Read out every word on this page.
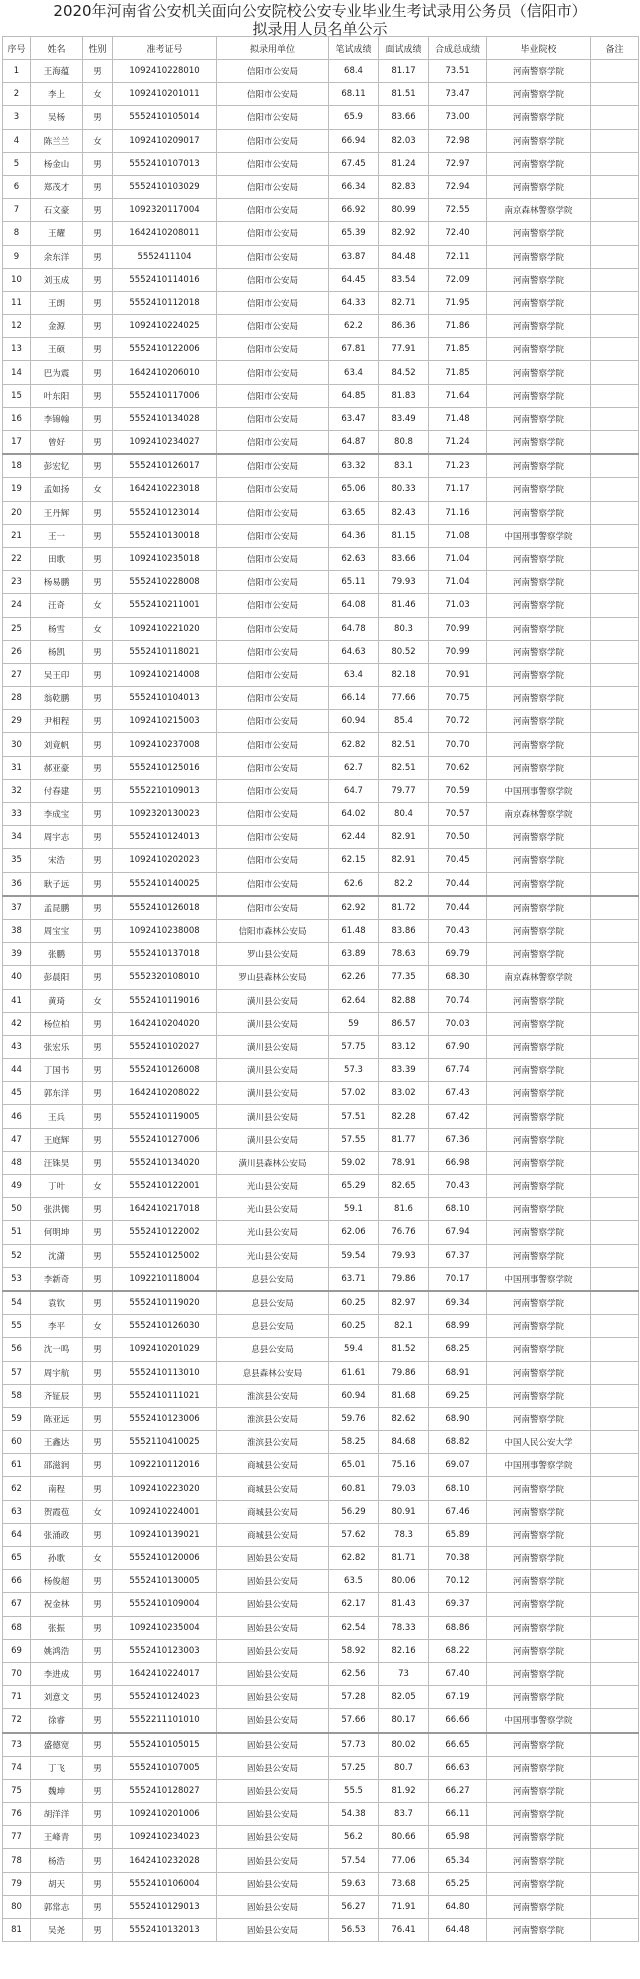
2020年河南省公安机关面向公安院校公安专业毕业生考试录用公务员（信阳市）
拟录用人员名单公示
序号	姓名	性别	准考证号	拟录用单位	笔试成绩	面试成绩	合成总成绩	毕业院校	备注
1	王海蕴	男	1092410228010	信阳市公安局	68.4	81.17	73.51	河南警察学院	
2	李上	女	1092410201011	信阳市公安局	68.11	81.51	73.47	河南警察学院	
3	吴杨	男	5552410105014	信阳市公安局	65.9	83.66	73.00	河南警察学院	
4	陈兰兰	女	1092410209017	信阳市公安局	66.94	82.03	72.98	河南警察学院	
5	杨金山	男	5552410107013	信阳市公安局	67.45	81.24	72.97	河南警察学院	
6	郑茂才	男	5552410103029	信阳市公安局	66.34	82.83	72.94	河南警察学院	
7	石文豪	男	1092320117004	信阳市公安局	66.92	80.99	72.55	南京森林警察学院	
8	王耀	男	1642410208011	信阳市公安局	65.39	82.92	72.40	河南警察学院	
9	余东洋	男	5552411104	信阳市公安局	63.87	84.48	72.11	河南警察学院	
10	刘玉成	男	5552410114016	信阳市公安局	64.45	83.54	72.09	河南警察学院	
11	王朗	男	5552410112018	信阳市公安局	64.33	82.71	71.95	河南警察学院	
12	金源	男	1092410224025	信阳市公安局	62.2	86.36	71.86	河南警察学院	
13	王硕	男	5552410122006	信阳市公安局	67.81	77.91	71.85	河南警察学院	
14	巴为震	男	1642410206010	信阳市公安局	63.4	84.52	71.85	河南警察学院	
15	叶东阳	男	5552410117006	信阳市公安局	64.85	81.83	71.64	河南警察学院	
16	李锦翰	男	5552410134028	信阳市公安局	63.47	83.49	71.48	河南警察学院	
17	曾好	男	1092410234027	信阳市公安局	64.87	80.8	71.24	河南警察学院	
18	彭宏钇	男	5552410126017	信阳市公安局	63.32	83.1	71.23	河南警察学院	
19	孟如扬	女	1642410223018	信阳市公安局	65.06	80.33	71.17	河南警察学院	
20	王丹辉	男	5552410123014	信阳市公安局	63.65	82.43	71.16	河南警察学院	
21	王一	男	5552410130018	信阳市公安局	64.36	81.15	71.08	中国刑事警察学院	
22	田歌	男	1092410235018	信阳市公安局	62.63	83.66	71.04	河南警察学院	
23	杨易鹏	男	5552410228008	信阳市公安局	65.11	79.93	71.04	河南警察学院	
24	汪奇	女	5552410211001	信阳市公安局	64.08	81.46	71.03	河南警察学院	
25	杨雪	女	1092410221020	信阳市公安局	64.78	80.3	70.99	河南警察学院	
26	杨凯	男	5552410118021	信阳市公安局	64.63	80.52	70.99	河南警察学院	
27	吴王印	男	1092410214008	信阳市公安局	63.4	82.18	70.91	河南警察学院	
28	翁乾鹏	男	5552410104013	信阳市公安局	66.14	77.66	70.75	河南警察学院	
29	尹相程	男	1092410215003	信阳市公安局	60.94	85.4	70.72	河南警察学院	
30	刘竟帆	男	1092410237008	信阳市公安局	62.82	82.51	70.70	河南警察学院	
31	郝亚豪	男	5552410125016	信阳市公安局	62.7	82.51	70.62	河南警察学院	
32	付春建	男	5552210109013	信阳市公安局	64.7	79.77	70.59	中国刑事警察学院	
33	李成宝	男	1092320130023	信阳市公安局	64.02	80.4	70.57	南京森林警察学院	
34	周宇志	男	5552410124013	信阳市公安局	62.44	82.91	70.50	河南警察学院	
35	宋浩	男	1092410202023	信阳市公安局	62.15	82.91	70.45	河南警察学院	
36	耿子远	男	5552410140025	信阳市公安局	62.6	82.2	70.44	河南警察学院	
37	孟昆鹏	男	5552410126018	信阳市公安局	62.92	81.72	70.44	河南警察学院	
38	周宝宝	男	1092410238008	信阳市森林公安局	61.48	83.86	70.43	河南警察学院	
39	张鹏	男	5552410137018	罗山县公安局	63.89	78.63	69.79	河南警察学院	
40	彭晨阳	男	5552320108010	罗山县森林公安局	62.26	77.35	68.30	南京森林警察学院	
41	黄琦	女	5552410119016	潢川县公安局	62.64	82.88	70.74	河南警察学院	
42	杨位柏	男	1642410204020	潢川县公安局	59	86.57	70.03	河南警察学院	
43	张宏乐	男	5552410102027	潢川县公安局	57.75	83.12	67.90	河南警察学院	
44	丁国书	男	5552410126008	潢川县公安局	57.3	83.39	67.74	河南警察学院	
45	郭东洋	男	1642410208022	潢川县公安局	57.02	83.02	67.43	河南警察学院	
46	王兵	男	5552410119005	潢川县公安局	57.51	82.28	67.42	河南警察学院	
47	王庭辉	男	5552410127006	潢川县公安局	57.55	81.77	67.36	河南警察学院	
48	汪铢昊	男	5552410134020	潢川县森林公安局	59.02	78.91	66.98	河南警察学院	
49	丁叶	女	5552410122001	光山县公安局	65.29	82.65	70.43	河南警察学院	
50	张洪儒	男	1642410217018	光山县公安局	59.1	81.6	68.10	河南警察学院	
51	何明坤	男	5552410122002	光山县公安局	62.06	76.76	67.94	河南警察学院	
52	沈潇	男	5552410125002	光山县公安局	59.54	79.93	67.37	河南警察学院	
53	李新奇	男	1092210118004	息县公安局	63.71	79.86	70.17	中国刑事警察学院	
54	袁钦	男	5552410119020	息县公安局	60.25	82.97	69.34	河南警察学院	
55	李平	女	5552410126030	息县公安局	60.25	82.1	68.99	河南警察学院	
56	沈一鸣	男	1092410201029	息县公安局	59.4	81.52	68.25	河南警察学院	
57	周宇航	男	5552410113010	息县森林公安局	61.61	79.86	68.91	河南警察学院	
58	齐钲辰	男	5552410111021	淮滨县公安局	60.94	81.68	69.25	河南警察学院	
59	陈亚远	男	5552410123006	淮滨县公安局	59.76	82.62	68.90	河南警察学院	
60	王鑫达	男	5552110410025	淮滨县公安局	58.25	84.68	68.82	中国人民公安大学	
61	邵滋润	男	1092210112016	商城县公安局	65.01	75.16	69.07	中国刑事警察学院	
62	南程	男	1092410223020	商城县公安局	60.81	79.03	68.10	河南警察学院	
63	贺霞苞	女	1092410224001	商城县公安局	56.29	80.91	67.46	河南警察学院	
64	张涌政	男	1092410139021	商城县公安局	57.62	78.3	65.89	河南警察学院	
65	孙歌	女	5552410120006	固始县公安局	62.82	81.71	70.38	河南警察学院	
66	杨俊超	男	5552410130005	固始县公安局	63.5	80.06	70.12	河南警察学院	
67	祝金林	男	5552410109004	固始县公安局	62.17	81.43	69.37	河南警察学院	
68	张振	男	1092410235004	固始县公安局	62.54	78.33	68.86	河南警察学院	
69	姚鸿浩	男	5552410123003	固始县公安局	58.92	82.16	68.22	河南警察学院	
70	李进成	男	1642410224017	固始县公安局	62.56	73	67.40	河南警察学院	
71	刘意文	男	5552410124023	固始县公安局	57.28	82.05	67.19	河南警察学院	
72	徐睿	男	5552211101010	固始县公安局	57.66	80.17	66.66	中国刑事警察学院	
73	盛德宽	男	5552410105015	固始县公安局	57.73	80.02	66.65	河南警察学院	
74	丁飞	男	5552410107005	固始县公安局	57.25	80.7	66.63	河南警察学院	
75	魏坤	男	5552410128027	固始县公安局	55.5	81.92	66.27	河南警察学院	
76	胡洋洋	男	1092410201006	固始县公安局	54.38	83.7	66.11	河南警察学院	
77	王峰青	男	1092410234023	固始县公安局	56.2	80.66	65.98	河南警察学院	
78	杨浩	男	1642410232028	固始县公安局	57.54	77.06	65.34	河南警察学院	
79	胡天	男	5552410106004	固始县公安局	59.63	73.68	65.25	河南警察学院	
80	郭常志	男	5552410129013	固始县公安局	56.27	71.91	64.80	河南警察学院	
81	吴尧	男	5552410132013	固始县公安局	56.53	76.41	64.48	河南警察学院	
